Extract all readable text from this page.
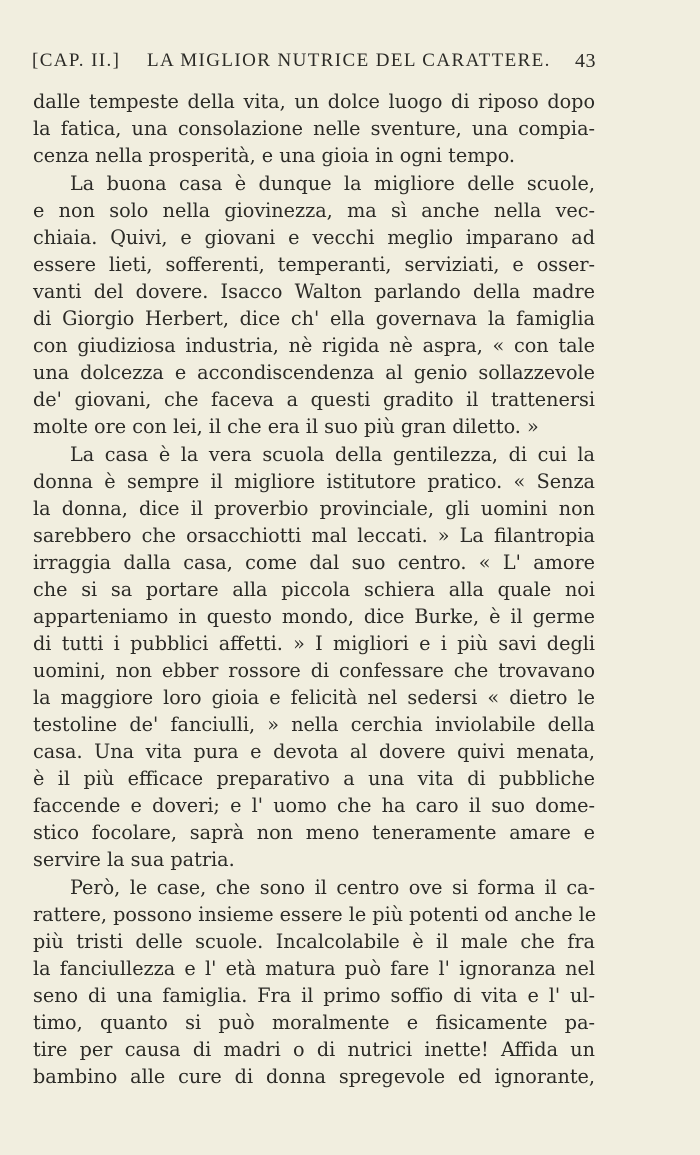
[CAP. II.] LA MIGLIOR NUTRICE DEL CARATTERE. 43
dalle tempeste della vita, un dolce luogo di riposo dopo
la fatica, una consolazione nelle sventure, una compia-
cenza nella prosperità, e una gioia in ogni tempo.
La buona casa è dunque la migliore delle scuole,
e non solo nella giovinezza, ma sì anche nella vec-
chiaia. Quivi, e giovani e vecchi meglio imparano ad
essere lieti, sofferenti, temperanti, serviziati, e osser-
vanti del dovere. Isacco Walton parlando della madre
di Giorgio Herbert, dice ch' ella governava la famiglia
con giudiziosa industria, nè rigida nè aspra, « con tale
una dolcezza e accondiscendenza al genio sollazzevole
de' giovani, che faceva a questi gradito il trattenersi
molte ore con lei, il che era il suo più gran diletto. »
La casa è la vera scuola della gentilezza, di cui la
donna è sempre il migliore istitutore pratico. « Senza
la donna, dice il proverbio provinciale, gli uomini non
sarebbero che orsacchiotti mal leccati. » La filantropia
irraggia dalla casa, come dal suo centro. « L' amore
che si sa portare alla piccola schiera alla quale noi
apparteniamo in questo mondo, dice Burke, è il germe
di tutti i pubblici affetti. » I migliori e i più savi degli
uomini, non ebber rossore di confessare che trovavano
la maggiore loro gioia e felicità nel sedersi « dietro le
testoline de' fanciulli, » nella cerchia inviolabile della
casa. Una vita pura e devota al dovere quivi menata,
è il più efficace preparativo a una vita di pubbliche
faccende e doveri; e l' uomo che ha caro il suo dome-
stico focolare, saprà non meno teneramente amare e
servire la sua patria.
Però, le case, che sono il centro ove si forma il ca-
rattere, possono insieme essere le più potenti od anche le
più tristi delle scuole. Incalcolabile è il male che fra
la fanciullezza e l' età matura può fare l' ignoranza nel
seno di una famiglia. Fra il primo soffio di vita e l' ul-
timo, quanto si può moralmente e fisicamente pa-
tire per causa di madri o di nutrici inette! Affida un
bambino alle cure di donna spregevole ed ignorante,
